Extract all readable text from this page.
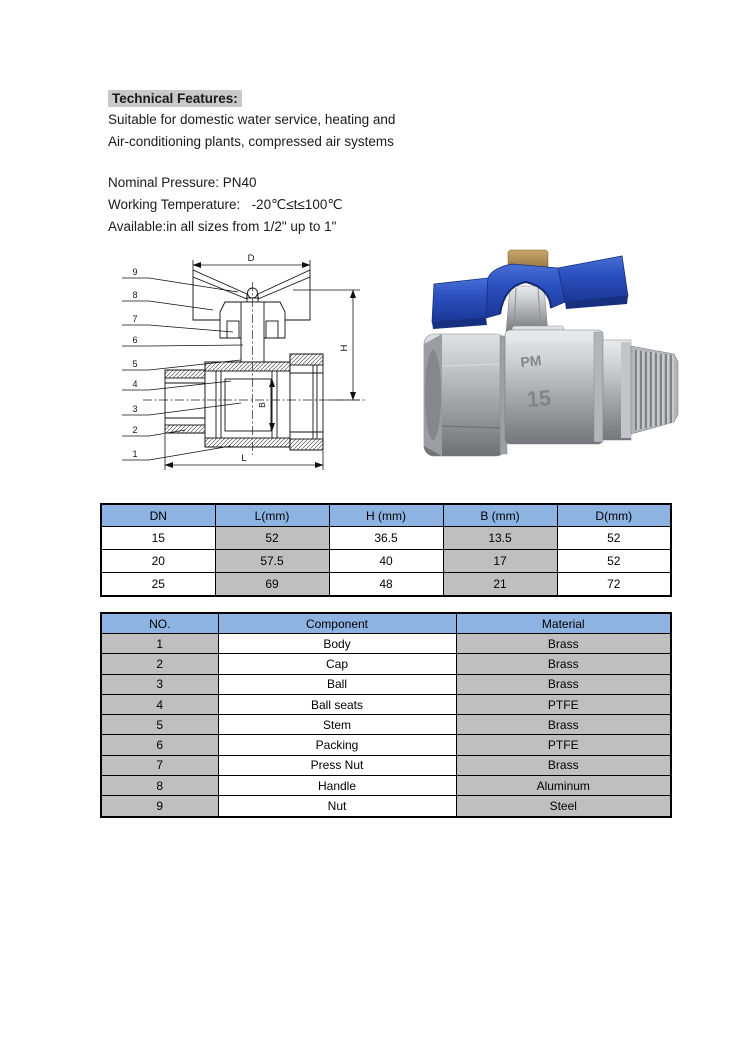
Technical Features:
Suitable for domestic water service, heating and
Air-conditioning plants, compressed air systems
Nominal Pressure: PN40
Working Temperature:   -20℃≤t≤100℃
Available:in all sizes from 1/2" up to 1"
D
H
B
L
9
8
7
6
5
4
3
2
1
PM
15
DN	L(mm)	H (mm)	B (mm)	D(mm)
15	52	36.5	13.5	52
20	57.5	40	17	52
25	69	48	21	72
NO.	Component	Material
1	Body	Brass
2	Cap	Brass
3	Ball	Brass
4	Ball seats	PTFE
5	Stem	Brass
6	Packing	PTFE
7	Press Nut	Brass
8	Handle	Aluminum
9	Nut	Steel
